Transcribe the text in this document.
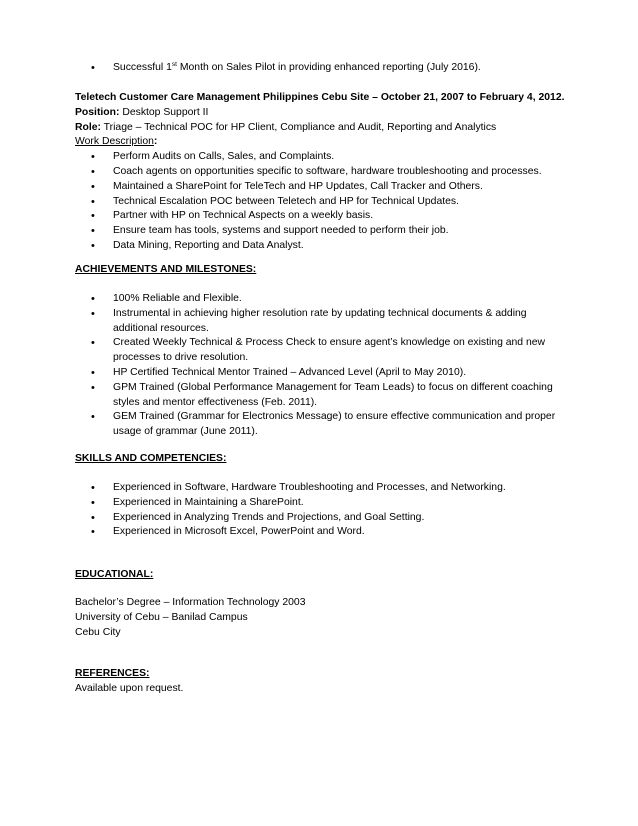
• Successful 1st Month on Sales Pilot in providing enhanced reporting (July 2016).

Teletech Customer Care Management Philippines Cebu Site – October 21, 2007 to February 4, 2012.

Position: Desktop Support II

Role: Triage – Technical POC for HP Client, Compliance and Audit, Reporting and Analytics

Work Description:

• Perform Audits on Calls, Sales, and Complaints.
• Coach agents on opportunities specific to software, hardware troubleshooting and processes.
• Maintained a SharePoint for TeleTech and HP Updates, Call Tracker and Others.
• Technical Escalation POC between Teletech and HP for Technical Updates.
• Partner with HP on Technical Aspects on a weekly basis.
• Ensure team has tools, systems and support needed to perform their job.
• Data Mining, Reporting and Data Analyst.

ACHIEVEMENTS AND MILESTONES:

• 100% Reliable and Flexible.
• Instrumental in achieving higher resolution rate by updating technical documents & adding additional resources.
• Created Weekly Technical & Process Check to ensure agent’s knowledge on existing and new processes to drive resolution.
• HP Certified Technical Mentor Trained – Advanced Level (April to May 2010).
• GPM Trained (Global Performance Management for Team Leads) to focus on different coaching styles and mentor effectiveness (Feb. 2011).
• GEM Trained (Grammar for Electronics Message) to ensure effective communication and proper usage of grammar (June 2011).

SKILLS AND COMPETENCIES:

• Experienced in Software, Hardware Troubleshooting and Processes, and Networking.
• Experienced in Maintaining a SharePoint.
• Experienced in Analyzing Trends and Projections, and Goal Setting.
• Experienced in Microsoft Excel, PowerPoint and Word.

EDUCATIONAL:

Bachelor’s Degree – Information Technology 2003

University of Cebu – Banilad Campus

Cebu City

REFERENCES:

Available upon request.
